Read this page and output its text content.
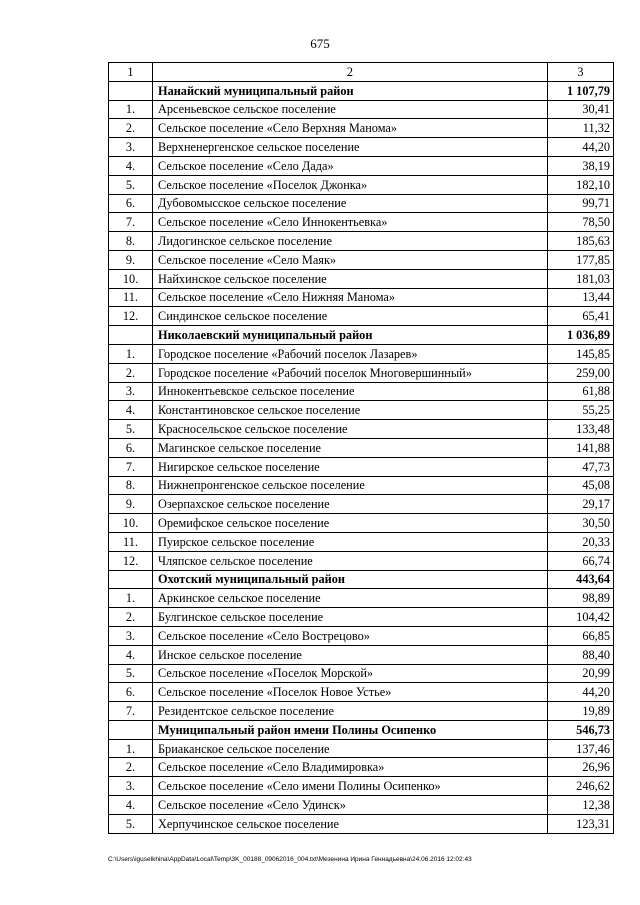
675
1	2	3
	Нанайский муниципальный район	1 107,79
1.	Арсеньевское сельское поселение	30,41
2.	Сельское поселение «Село Верхняя Манома»	11,32
3.	Верхненергенское сельское поселение	44,20
4.	Сельское поселение «Село Дада»	38,19
5.	Сельское поселение «Поселок Джонка»	182,10
6.	Дубовомысское сельское поселение	99,71
7.	Сельское поселение «Село Иннокентьевка»	78,50
8.	Лидогинское сельское поселение	185,63
9.	Сельское поселение «Село Маяк»	177,85
10.	Найхинское сельское поселение	181,03
11.	Сельское поселение «Село Нижняя Манома»	13,44
12.	Синдинское сельское поселение	65,41
	Николаевский муниципальный район	1 036,89
1.	Городское поселение «Рабочий поселок Лазарев»	145,85
2.	Городское поселение «Рабочий поселок Многовершинный»	259,00
3.	Иннокентьевское сельское поселение	61,88
4.	Константиновское сельское поселение	55,25
5.	Красносельское сельское поселение	133,48
6.	Магинское сельское поселение	141,88
7.	Нигирское сельское поселение	47,73
8.	Нижнепронгенское сельское поселение	45,08
9.	Озерпахское сельское поселение	29,17
10.	Оремифское сельское поселение	30,50
11.	Пуирское сельское поселение	20,33
12.	Чляпское сельское поселение	66,74
	Охотский муниципальный район	443,64
1.	Аркинское сельское поселение	98,89
2.	Булгинское сельское поселение	104,42
3.	Сельское поселение «Село Вострецово»	66,85
4.	Инское сельское поселение	88,40
5.	Сельское поселение «Поселок Морской»	20,99
6.	Сельское поселение «Поселок Новое Устье»	44,20
7.	Резидентское сельское поселение	19,89
	Муниципальный район имени Полины Осипенко	546,73
1.	Бриаканское сельское поселение	137,46
2.	Сельское поселение «Село Владимировка»	26,96
3.	Сельское поселение «Село имени Полины Осипенко»	246,62
4.	Сельское поселение «Село Удинск»	12,38
5.	Херпучинское сельское поселение	123,31
C:\Users\iguselkhina\AppData\Local\Temp\3K_00188_09062016_004.txt\Мезенина Ирина Геннадьевна\24.06.2016 12:02:43
